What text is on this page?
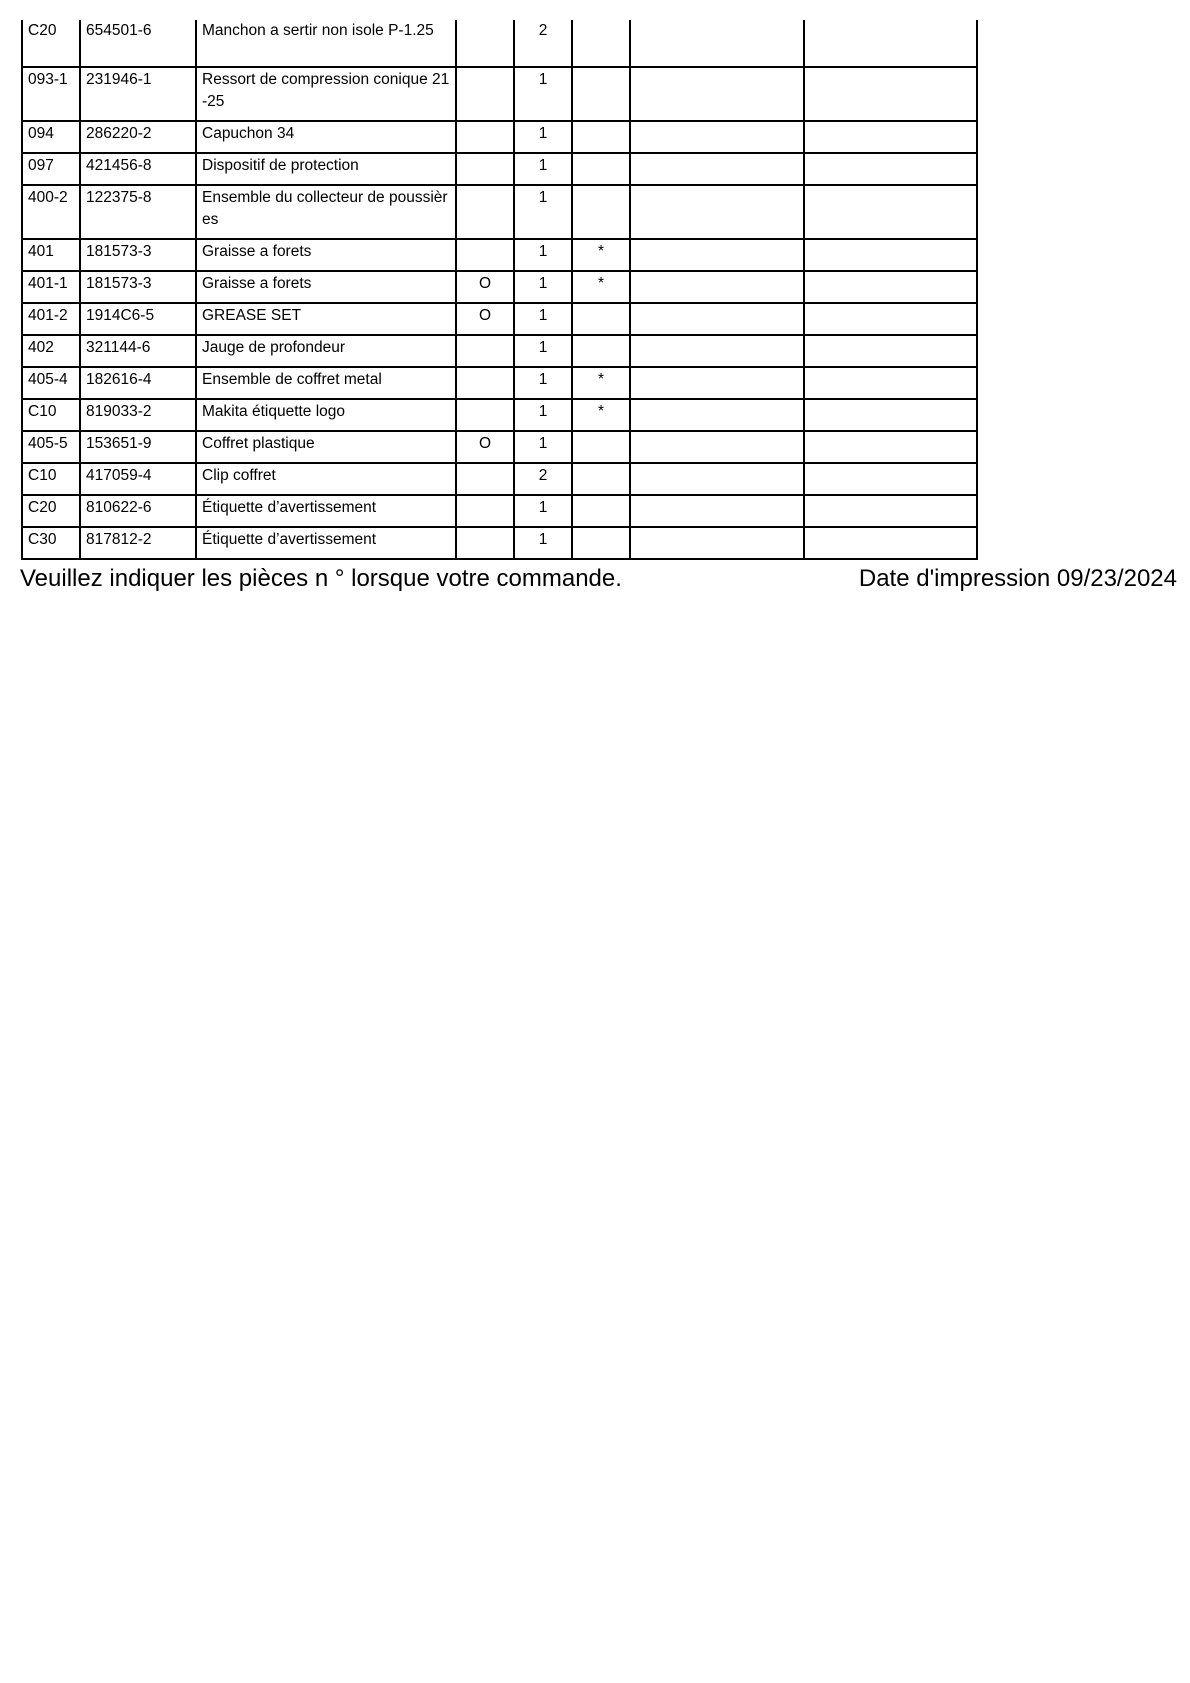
C20	654501-6	Manchon a sertir non isole P-1.25		2			
093-1	231946-1	Ressort de compression conique 21-25		1			
094	286220-2	Capuchon 34		1			
097	421456-8	Dispositif de protection		1			
400-2	122375-8	Ensemble du collecteur de poussières		1			
401	181573-3	Graisse a forets		1	*		
401-1	181573-3	Graisse a forets	O	1	*		
401-2	1914C6-5	GREASE SET	O	1			
402	321144-6	Jauge de profondeur		1			
405-4	182616-4	Ensemble de coffret metal		1	*		
C10	819033-2	Makita étiquette logo		1	*		
405-5	153651-9	Coffret plastique	O	1			
C10	417059-4	Clip coffret		2			
C20	810622-6	Étiquette d’avertissement		1			
C30	817812-2	Étiquette d’avertissement		1			
Veuillez indiquer les pièces n ° lorsque votre commande.	Date d'impression 09/23/2024
